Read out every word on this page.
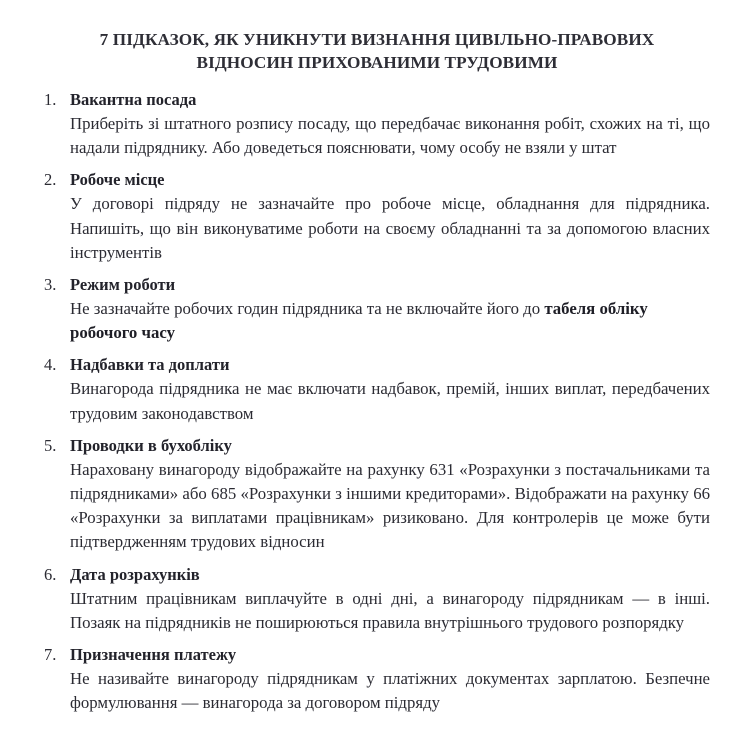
7 ПІДКАЗОК, ЯК УНИКНУТИ ВИЗНАННЯ ЦИВІЛЬНО-ПРАВОВИХ ВІДНОСИН ПРИХОВАНИМИ ТРУДОВИМИ
1. Вакантна посада

Приберіть зі штатного розпису посаду, що передбачає виконання робіт, схожих на ті, що надали підряднику. Або доведеться пояснювати, чому особу не взяли у штат

2. Робоче місце

У договорі підряду не зазначайте про робоче місце, обладнання для підрядника. Напишіть, що він виконуватиме роботи на своєму обладнанні та за допомогою власних інструментів

3. Режим роботи

Не зазначайте робочих годин підрядника та не включайте його до табеля обліку робочого часу

4. Надбавки та доплати

Винагорода підрядника не має включати надбавок, премій, інших виплат, передбачених трудовим законодавством

5. Проводки в бухобліку

Нараховану винагороду відображайте на рахунку 631 «Розрахунки з постачальниками та підрядниками» або 685 «Розрахунки з іншими кредиторами». Відображати на рахунку 66 «Розрахунки за виплатами працівникам» ризиковано. Для контролерів це може бути підтвердженням трудових відносин

6. Дата розрахунків

Штатним працівникам виплачуйте в одні дні, а винагороду підрядникам — в інші. Позаяк на підрядників не поширюються правила внутрішнього трудового розпорядку

7. Призначення платежу

Не називайте винагороду підрядникам у платіжних документах зарплатою. Безпечне формулювання — винагорода за договором підряду
